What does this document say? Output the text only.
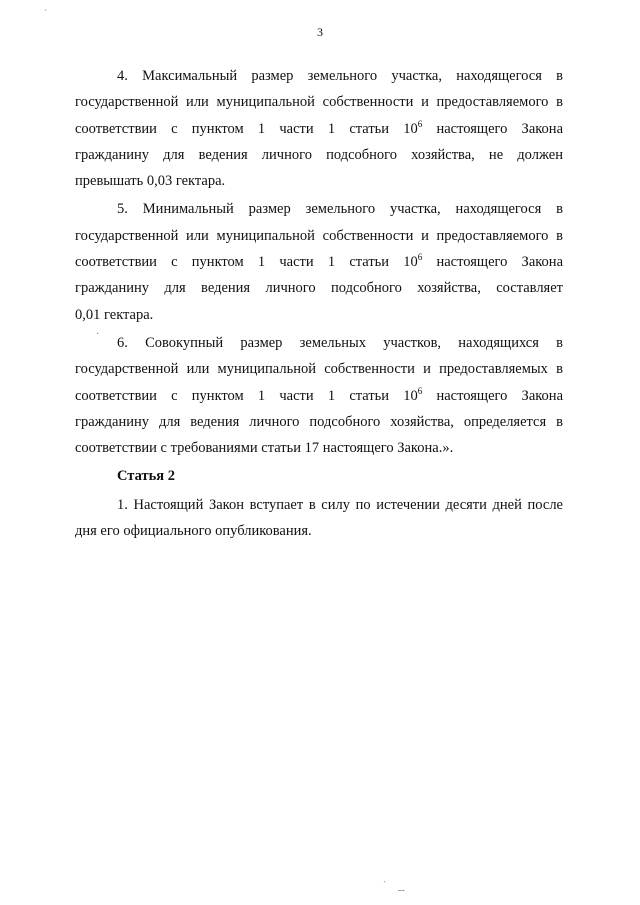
3
´
·
ˎ
--

4. Максимальный размер земельного участка, находящегося в
государственной или муниципальной собственности и предоставляемого в
соответствии с пунктом 1 части 1 статьи $10^6$ настоящего Закона
гражданину для ведения личного подсобного хозяйства, не должен
превышать 0,03 гектара.

5. Минимальный размер земельного участка, находящегося в
государственной или муниципальной собственности и предоставляемого в
соответствии с пунктом 1 части 1 статьи $10^6$ настоящего Закона
гражданину для ведения личного подсобного хозяйства, составляет
0,01 гектара.

6. Совокупный размер земельных участков, находящихся в
государственной или муниципальной собственности и предоставляемых в
соответствии с пунктом 1 части 1 статьи $10^6$ настоящего Закона
гражданину для ведения личного подсобного хозяйства, определяется в
соответствии с требованиями статьи 17 настоящего Закона.».

Статья 2

1. Настоящий Закон вступает в силу по истечении десяти дней после
дня его официального опубликования.
